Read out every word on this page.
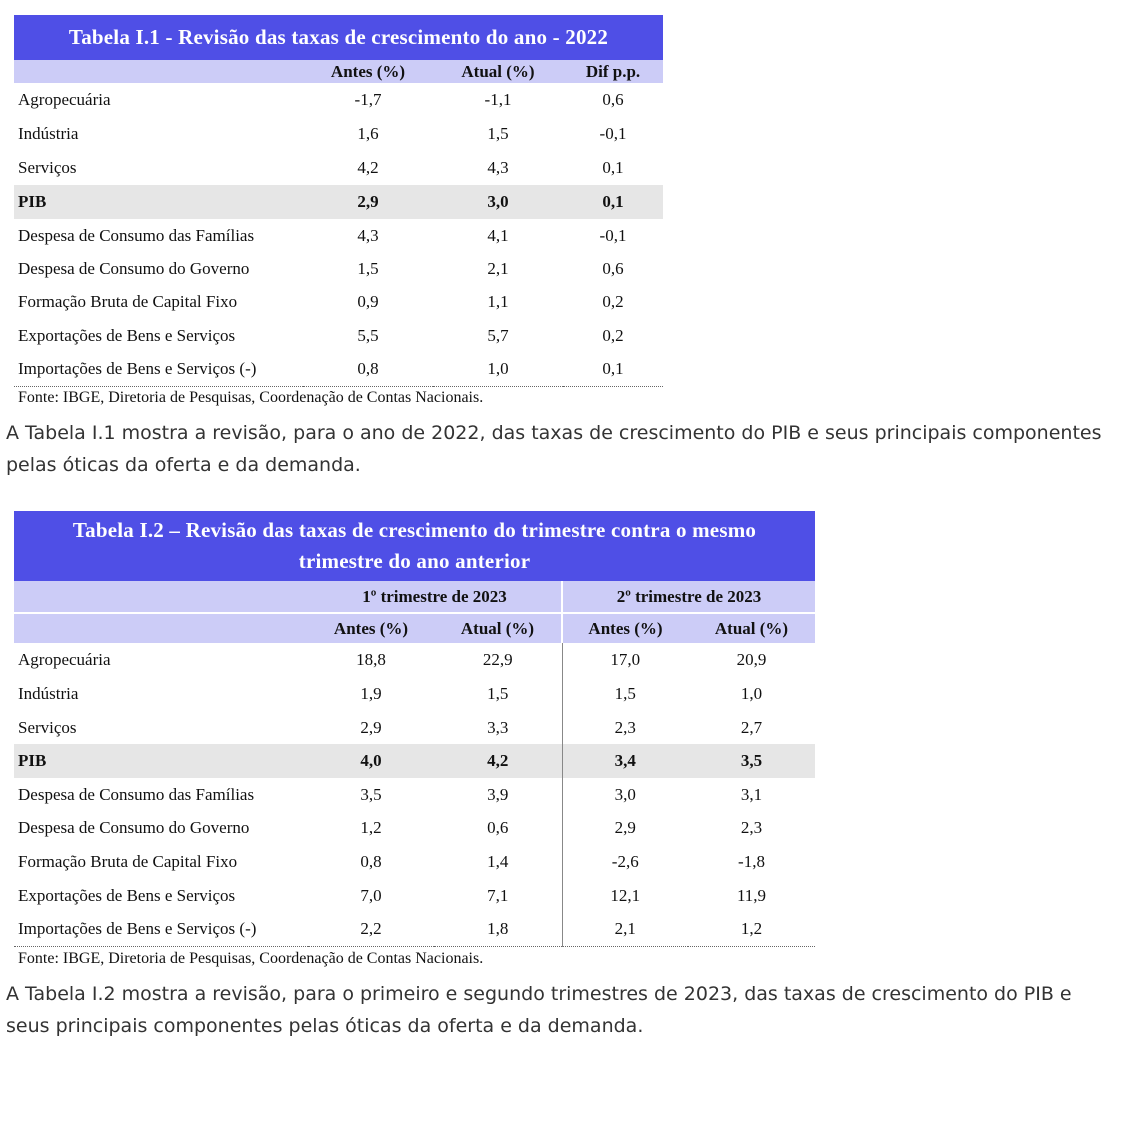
Tabela I.1 - Revisão das taxas de crescimento do ano - 2022			
	Antes (%)	Atual (%)	Dif p.p.
Agropecuária	-1,7	-1,1	0,6
Indústria	1,6	1,5	-0,1
Serviços	4,2	4,3	0,1
PIB	2,9	3,0	0,1
Despesa de Consumo das Famílias	4,3	4,1	-0,1
Despesa de Consumo do Governo	1,5	2,1	0,6
Formação Bruta de Capital Fixo	0,9	1,1	0,2
Exportações de Bens e Serviços	5,5	5,7	0,2
Importações de Bens e Serviços (-)	0,8	1,0	0,1

Fonte: IBGE, Diretoria de Pesquisas, Coordenação de Contas Nacionais.

A Tabela I.1 mostra a revisão, para o ano de 2022, das taxas de crescimento do PIB e seus principais componentes pelas óticas da oferta e da demanda.

Tabela I.2 – Revisão das taxas de crescimento do trimestre contra o mesmo
trimestre do ano anterior				

	1º trimestre de 2023		2º trimestre de 2023	
	Antes (%)	Atual (%)	Antes (%)	Atual (%)
Agropecuária	18,8	22,9	17,0	20,9
Indústria	1,9	1,5	1,5	1,0
Serviços	2,9	3,3	2,3	2,7
PIB	4,0	4,2	3,4	3,5
Despesa de Consumo das Famílias	3,5	3,9	3,0	3,1
Despesa de Consumo do Governo	1,2	0,6	2,9	2,3
Formação Bruta de Capital Fixo	0,8	1,4	-2,6	-1,8
Exportações de Bens e Serviços	7,0	7,1	12,1	11,9
Importações de Bens e Serviços (-)	2,2	1,8	2,1	1,2

Fonte: IBGE, Diretoria de Pesquisas, Coordenação de Contas Nacionais.

A Tabela I.2 mostra a revisão, para o primeiro e segundo trimestres de 2023, das taxas de crescimento do PIB e seus principais componentes pelas óticas da oferta e da demanda.
